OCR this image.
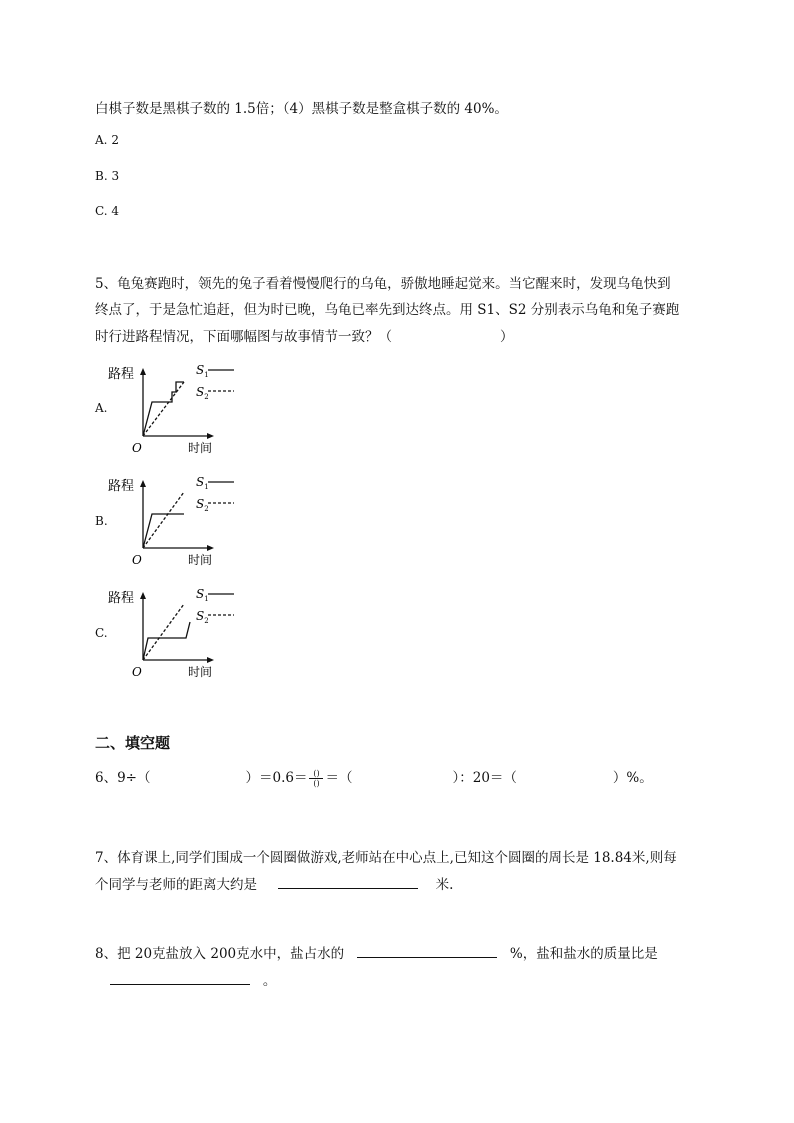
白棋子数是黑棋子数的 1.5倍；（4）黑棋子数是整盒棋子数的 40%。
A. 2
B. 3
C. 4
5、龟兔赛跑时，领先的兔子看着慢慢爬行的乌龟，骄傲地睡起觉来。当它醒来时，发现乌龟快到
终点了，于是急忙追赶，但为时已晚，乌龟已率先到达终点。用 S1、S2 分别表示乌龟和兔子赛跑
时行进路程情况，下面哪幅图与故事情节一致？（	）
A.
路程
O	时间
$S_1$
$S_2$
B.
路程
O	时间
$S_1$
$S_2$
C.
路程
O	时间
$S_1$
$S_2$
二、填空题
6、9÷（	）$=0.6= \frac{()}{()}$ ＝（	）：20＝（	）%。
7、体育课上,同学们围成一个圆圈做游戏,老师站在中心点上,已知这个圆圈的周长是 18.84米,则每
个同学与老师的距离大约是	米.
8、把 20克盐放入 200克水中，盐占水的	%，盐和盐水的质量比是
。
